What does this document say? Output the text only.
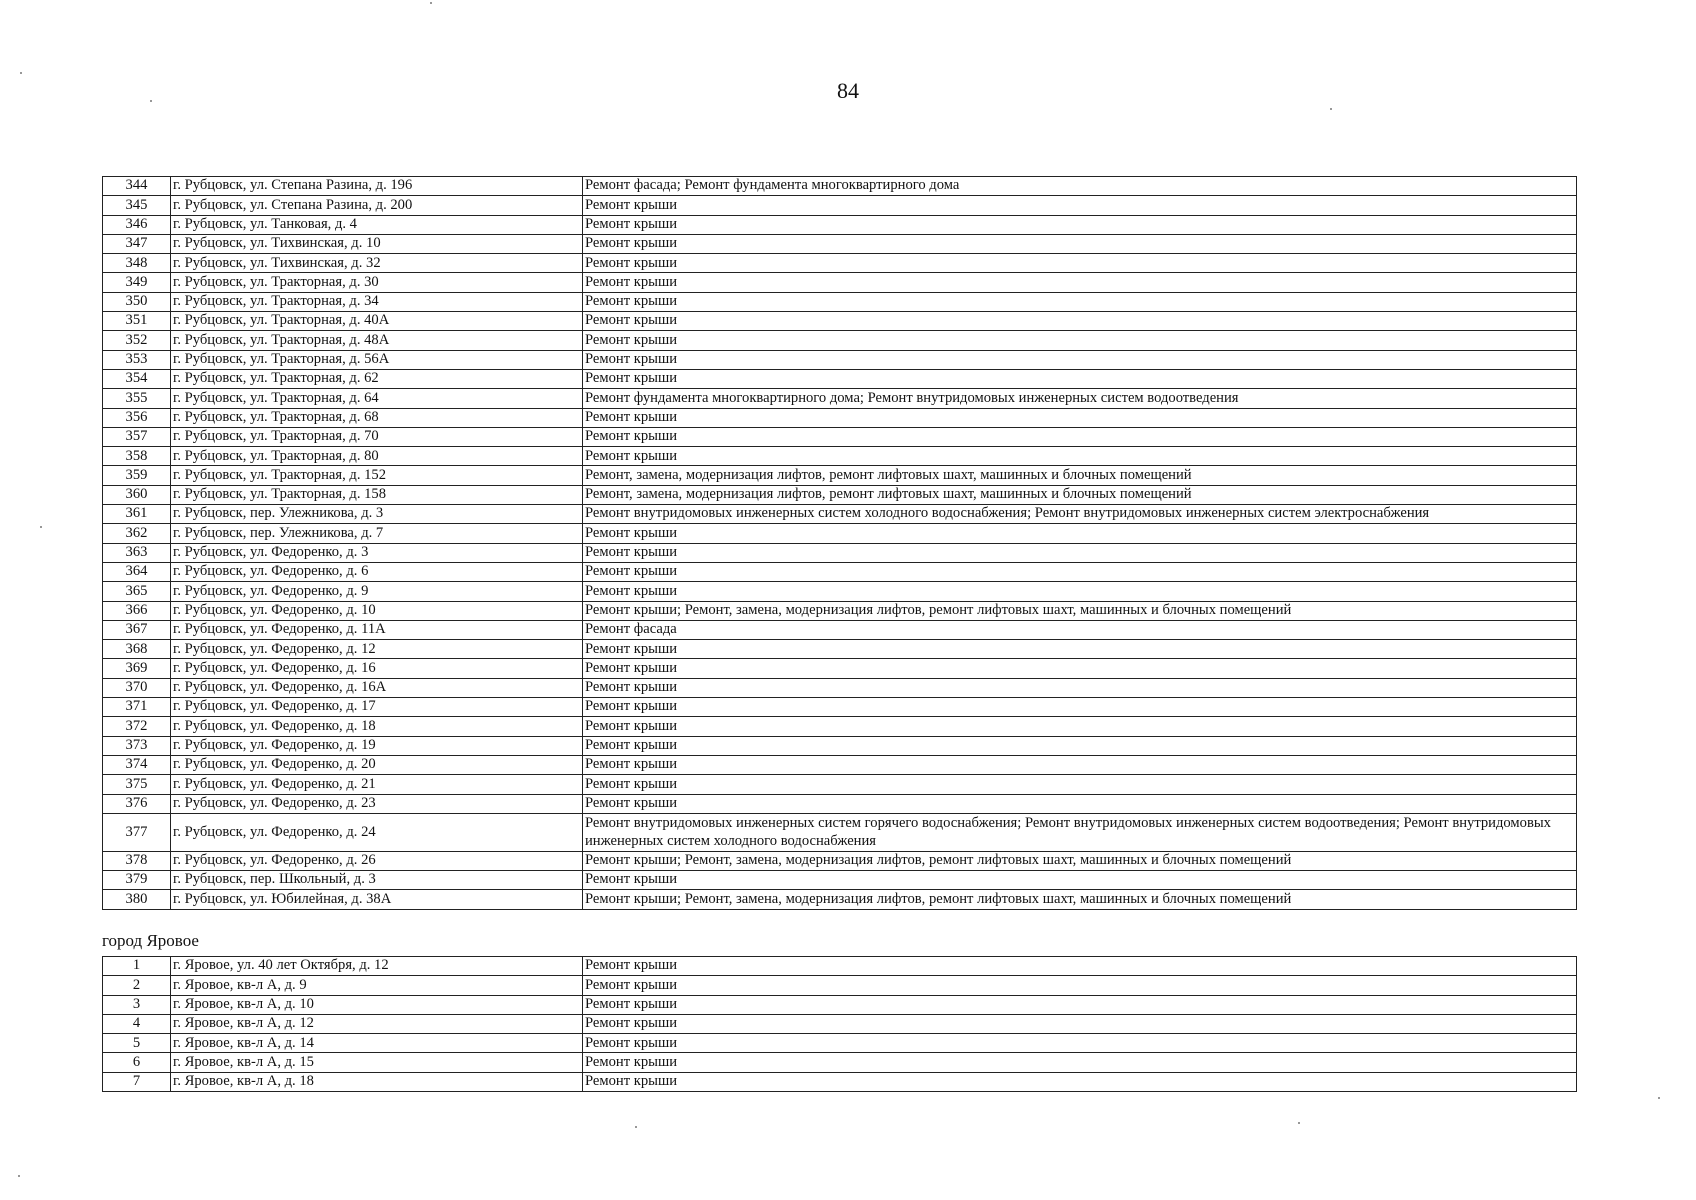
84
344	г. Рубцовск, ул. Степана Разина, д. 196	Ремонт фасада; Ремонт фундамента многоквартирного дома
345	г. Рубцовск, ул. Степана Разина, д. 200	Ремонт крыши
346	г. Рубцовск, ул. Танковая, д. 4	Ремонт крыши
347	г. Рубцовск, ул. Тихвинская, д. 10	Ремонт крыши
348	г. Рубцовск, ул. Тихвинская, д. 32	Ремонт крыши
349	г. Рубцовск, ул. Тракторная, д. 30	Ремонт крыши
350	г. Рубцовск, ул. Тракторная, д. 34	Ремонт крыши
351	г. Рубцовск, ул. Тракторная, д. 40А	Ремонт крыши
352	г. Рубцовск, ул. Тракторная, д. 48А	Ремонт крыши
353	г. Рубцовск, ул. Тракторная, д. 56А	Ремонт крыши
354	г. Рубцовск, ул. Тракторная, д. 62	Ремонт крыши
355	г. Рубцовск, ул. Тракторная, д. 64	Ремонт фундамента многоквартирного дома; Ремонт внутридомовых инженерных систем водоотведения
356	г. Рубцовск, ул. Тракторная, д. 68	Ремонт крыши
357	г. Рубцовск, ул. Тракторная, д. 70	Ремонт крыши
358	г. Рубцовск, ул. Тракторная, д. 80	Ремонт крыши
359	г. Рубцовск, ул. Тракторная, д. 152	Ремонт, замена, модернизация лифтов, ремонт лифтовых шахт, машинных и блочных помещений
360	г. Рубцовск, ул. Тракторная, д. 158	Ремонт, замена, модернизация лифтов, ремонт лифтовых шахт, машинных и блочных помещений
361	г. Рубцовск, пер. Улежникова, д. 3	Ремонт внутридомовых инженерных систем холодного водоснабжения; Ремонт внутридомовых инженерных систем электроснабжения
362	г. Рубцовск, пер. Улежникова, д. 7	Ремонт крыши
363	г. Рубцовск, ул. Федоренко, д. 3	Ремонт крыши
364	г. Рубцовск, ул. Федоренко, д. 6	Ремонт крыши
365	г. Рубцовск, ул. Федоренко, д. 9	Ремонт крыши
366	г. Рубцовск, ул. Федоренко, д. 10	Ремонт крыши; Ремонт, замена, модернизация лифтов, ремонт лифтовых шахт, машинных и блочных помещений
367	г. Рубцовск, ул. Федоренко, д. 11А	Ремонт фасада
368	г. Рубцовск, ул. Федоренко, д. 12	Ремонт крыши
369	г. Рубцовск, ул. Федоренко, д. 16	Ремонт крыши
370	г. Рубцовск, ул. Федоренко, д. 16А	Ремонт крыши
371	г. Рубцовск, ул. Федоренко, д. 17	Ремонт крыши
372	г. Рубцовск, ул. Федоренко, д. 18	Ремонт крыши
373	г. Рубцовск, ул. Федоренко, д. 19	Ремонт крыши
374	г. Рубцовск, ул. Федоренко, д. 20	Ремонт крыши
375	г. Рубцовск, ул. Федоренко, д. 21	Ремонт крыши
376	г. Рубцовск, ул. Федоренко, д. 23	Ремонт крыши
377	г. Рубцовск, ул. Федоренко, д. 24	Ремонт внутридомовых инженерных систем горячего водоснабжения; Ремонт внутридомовых инженерных систем водоотведения; Ремонт внутридомовых инженерных систем холодного водоснабжения
378	г. Рубцовск, ул. Федоренко, д. 26	Ремонт крыши; Ремонт, замена, модернизация лифтов, ремонт лифтовых шахт, машинных и блочных помещений
379	г. Рубцовск, пер. Школьный, д. 3	Ремонт крыши
380	г. Рубцовск, ул. Юбилейная, д. 38А	Ремонт крыши; Ремонт, замена, модернизация лифтов, ремонт лифтовых шахт, машинных и блочных помещений
город Яровое
1	г. Яровое, ул. 40 лет Октября, д. 12	Ремонт крыши
2	г. Яровое, кв-л А, д. 9	Ремонт крыши
3	г. Яровое, кв-л А, д. 10	Ремонт крыши
4	г. Яровое, кв-л А, д. 12	Ремонт крыши
5	г. Яровое, кв-л А, д. 14	Ремонт крыши
6	г. Яровое, кв-л А, д. 15	Ремонт крыши
7	г. Яровое, кв-л А, д. 18	Ремонт крыши
